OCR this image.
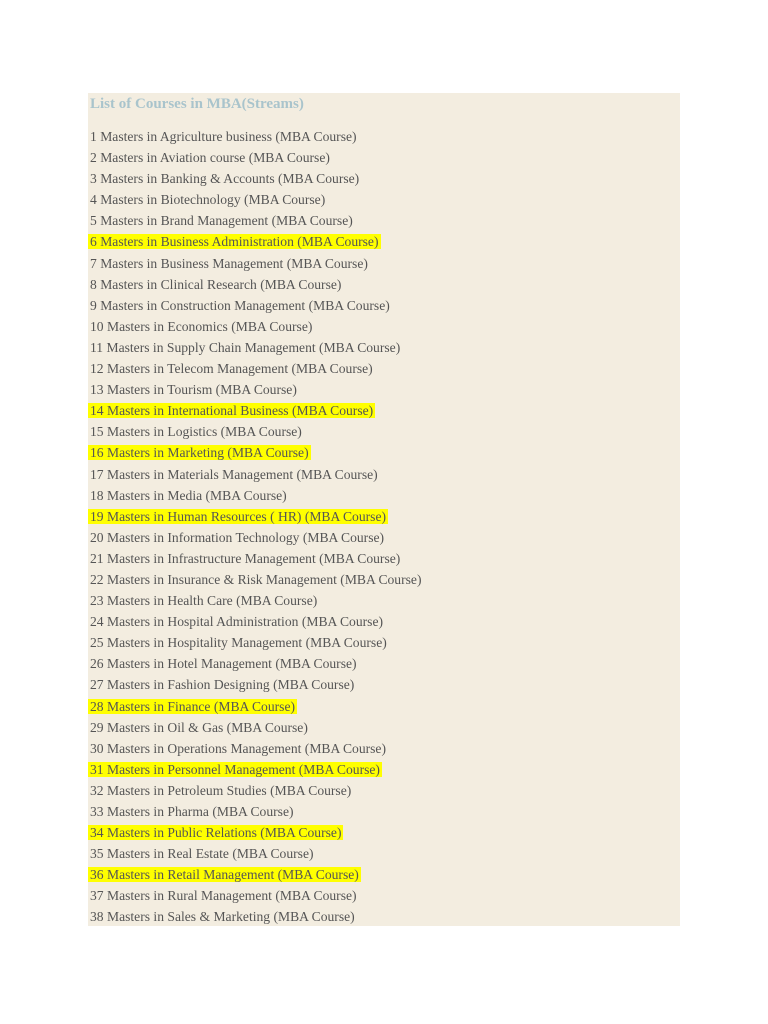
List of Courses in MBA(Streams)
1 Masters in Agriculture business (MBA Course)
2 Masters in Aviation course (MBA Course)
3 Masters in Banking & Accounts (MBA Course)
4 Masters in Biotechnology (MBA Course)
5 Masters in Brand Management (MBA Course)
6 Masters in Business Administration (MBA Course)
7 Masters in Business Management (MBA Course)
8 Masters in Clinical Research (MBA Course)
9 Masters in Construction Management (MBA Course)
10 Masters in Economics (MBA Course)
11 Masters in Supply Chain Management (MBA Course)
12 Masters in Telecom Management (MBA Course)
13 Masters in Tourism (MBA Course)
14 Masters in International Business (MBA Course)
15 Masters in Logistics (MBA Course)
16 Masters in Marketing (MBA Course)
17 Masters in Materials Management (MBA Course)
18 Masters in Media (MBA Course)
19 Masters in Human Resources ( HR) (MBA Course)
20 Masters in Information Technology (MBA Course)
21 Masters in Infrastructure Management (MBA Course)
22 Masters in Insurance & Risk Management (MBA Course)
23 Masters in Health Care (MBA Course)
24 Masters in Hospital Administration (MBA Course)
25 Masters in Hospitality Management (MBA Course)
26 Masters in Hotel Management (MBA Course)
27 Masters in Fashion Designing (MBA Course)
28 Masters in Finance (MBA Course)
29 Masters in Oil & Gas (MBA Course)
30 Masters in Operations Management (MBA Course)
31 Masters in Personnel Management (MBA Course)
32 Masters in Petroleum Studies (MBA Course)
33 Masters in Pharma (MBA Course)
34 Masters in Public Relations (MBA Course)
35 Masters in Real Estate (MBA Course)
36 Masters in Retail Management (MBA Course)
37 Masters in Rural Management (MBA Course)
38 Masters in Sales & Marketing (MBA Course)
